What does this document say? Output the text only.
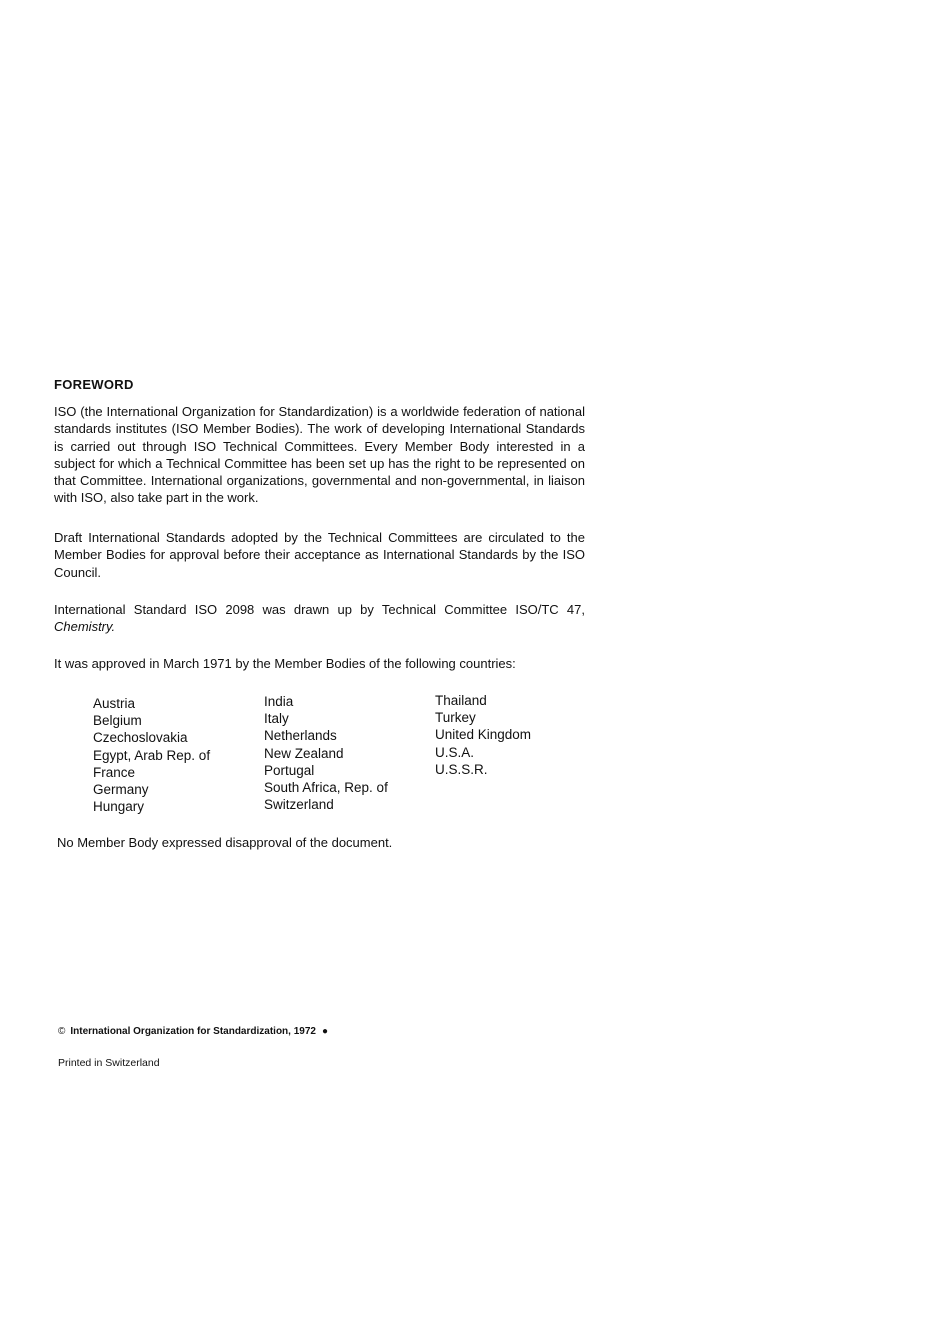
FOREWORD

ISO (the International Organization for Standardization) is a worldwide federation of national standards institutes (ISO Member Bodies). The work of developing International Standards is carried out through ISO Technical Committees. Every Member Body interested in a subject for which a Technical Committee has been set up has the right to be represented on that Committee. International organizations, governmental and non-governmental, in liaison with ISO, also take part in the work.

Draft International Standards adopted by the Technical Committees are circulated to the Member Bodies for approval before their acceptance as International Standards by the ISO Council.

International Standard ISO 2098 was drawn up by Technical Committee ISO/TC 47, Chemistry.

It was approved in March 1971 by the Member Bodies of the following countries:

Austria
Belgium
Czechoslovakia
Egypt, Arab Rep. of
France
Germany
Hungary
India
Italy
Netherlands
New Zealand
Portugal
South Africa, Rep. of
Switzerland
Thailand
Turkey
United Kingdom
U.S.A.
U.S.S.R.

No Member Body expressed disapproval of the document.

© International Organization for Standardization, 1972 ●
Printed in Switzerland
